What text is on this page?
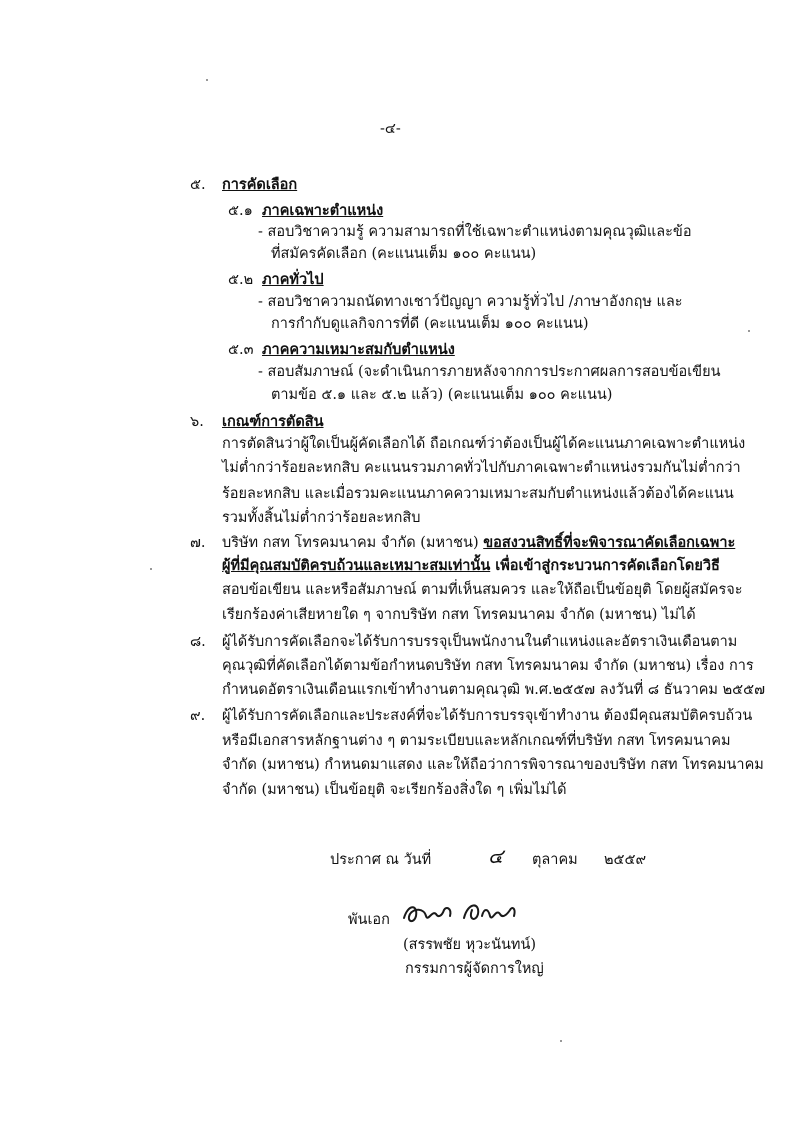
-๔-
๕. การคัดเลือก
๕.๑ ภาคเฉพาะตำแหน่ง
- สอบวิชาความรู้ ความสามารถที่ใช้เฉพาะตำแหน่งตามคุณวุฒิและข้อ
ที่สมัครคัดเลือก (คะแนนเต็ม ๑๐๐ คะแนน)
๕.๒ ภาคทั่วไป
- สอบวิชาความถนัดทางเชาว์ปัญญา ความรู้ทั่วไป /ภาษาอังกฤษ และ
การกำกับดูแลกิจการที่ดี (คะแนนเต็ม ๑๐๐ คะแนน)
๕.๓ ภาคความเหมาะสมกับตำแหน่ง
- สอบสัมภาษณ์ (จะดำเนินการภายหลังจากการประกาศผลการสอบข้อเขียน
ตามข้อ ๕.๑ และ ๕.๒ แล้ว) (คะแนนเต็ม ๑๐๐ คะแนน)
๖. เกณฑ์การตัดสิน
การตัดสินว่าผู้ใดเป็นผู้คัดเลือกได้ ถือเกณฑ์ว่าต้องเป็นผู้ได้คะแนนภาคเฉพาะตำแหน่ง
ไม่ต่ำกว่าร้อยละหกสิบ คะแนนรวมภาคทั่วไปกับภาคเฉพาะตำแหน่งรวมกันไม่ต่ำกว่า
ร้อยละหกสิบ และเมื่อรวมคะแนนภาคความเหมาะสมกับตำแหน่งแล้วต้องได้คะแนน
รวมทั้งสิ้นไม่ต่ำกว่าร้อยละหกสิบ
๗. บริษัท กสท โทรคมนาคม จำกัด (มหาชน) ขอสงวนสิทธิ์ที่จะพิจารณาคัดเลือกเฉพาะ
ผู้ที่มีคุณสมบัติครบถ้วนและเหมาะสมเท่านั้น เพื่อเข้าสู่กระบวนการคัดเลือกโดยวิธี
สอบข้อเขียน และหรือสัมภาษณ์ ตามที่เห็นสมควร และให้ถือเป็นข้อยุติ โดยผู้สมัครจะ
เรียกร้องค่าเสียหายใด ๆ จากบริษัท กสท โทรคมนาคม จำกัด (มหาชน) ไม่ได้
๘. ผู้ได้รับการคัดเลือกจะได้รับการบรรจุเป็นพนักงานในตำแหน่งและอัตราเงินเดือนตาม
คุณวุฒิที่คัดเลือกได้ตามข้อกำหนดบริษัท กสท โทรคมนาคม จำกัด (มหาชน) เรื่อง การ
กำหนดอัตราเงินเดือนแรกเข้าทำงานตามคุณวุฒิ พ.ศ.๒๕๕๗ ลงวันที่ ๘ ธันวาคม ๒๕๕๗
๙. ผู้ได้รับการคัดเลือกและประสงค์ที่จะได้รับการบรรจุเข้าทำงาน ต้องมีคุณสมบัติครบถ้วน
หรือมีเอกสารหลักฐานต่าง ๆ ตามระเบียบและหลักเกณฑ์ที่บริษัท กสท โทรคมนาคม
จำกัด (มหาชน) กำหนดมาแสดง และให้ถือว่าการพิจารณาของบริษัท กสท โทรคมนาคม
จำกัด (มหาชน) เป็นข้อยุติ จะเรียกร้องสิ่งใด ๆ เพิ่มไม่ได้
ประกาศ ณ วันที่	๔ ตุลาคม ๒๕๕๙
พันเอก
(สรรพชัย หุวะนันทน์)
กรรมการผู้จัดการใหญ่
